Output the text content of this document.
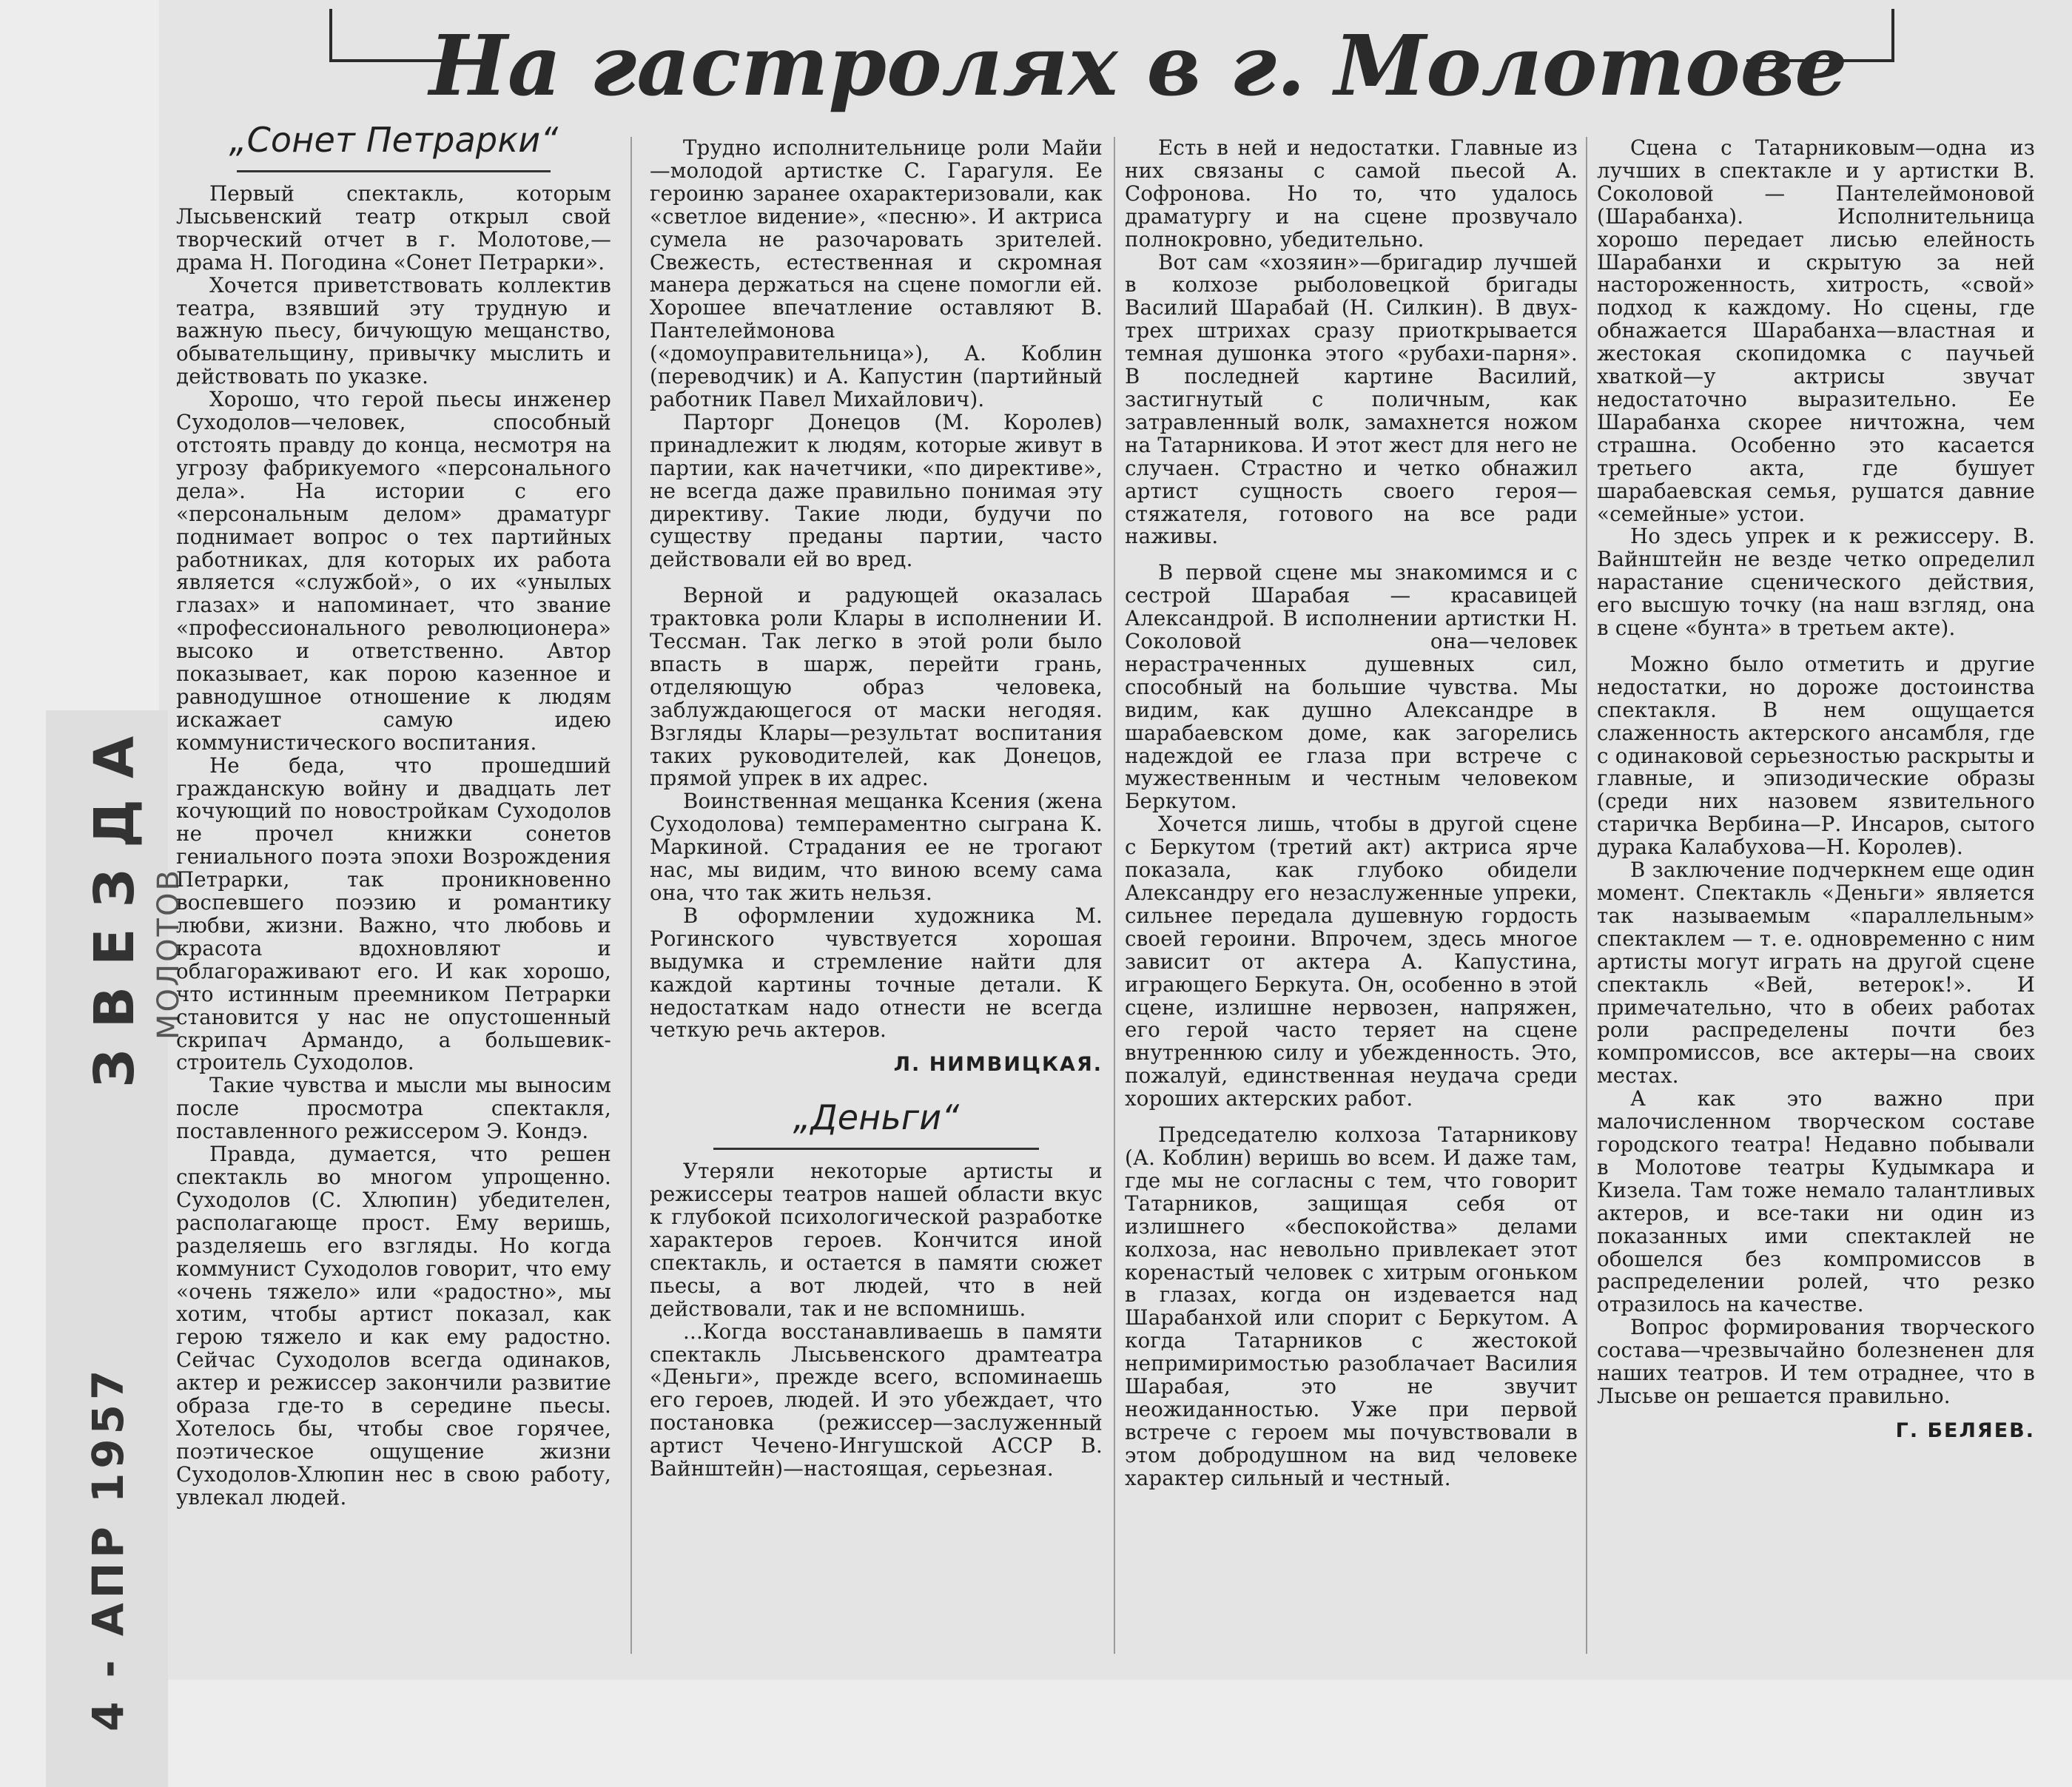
ЗВЕЗДА МОЛОТОВ
4 - АПР 1957
На гастролях в г. Молотове
„Сонет Петрарки“

Первый спектакль, которым Лысьвенский театр открыл свой творческий отчет в г. Молотове,— драма Н. Погодина «Сонет Петрарки».

Хочется приветствовать коллектив театра, взявший эту трудную и важную пьесу, бичующую мещанство, обывательщину, привычку мыслить и действовать по указке.

Хорошо, что герой пьесы инженер Суходолов—человек, способный отстоять правду до конца, несмотря на угрозу фабрикуемого «персонального дела». На истории с его «персональным делом» драматург поднимает вопрос о тех партийных работниках, для которых их работа является «службой», о их «унылых глазах» и напоминает, что звание «профессионального революционера» высоко и ответственно. Автор показывает, как порою казенное и равнодушное отношение к людям искажает самую идею коммунистического воспитания.

Не беда, что прошедший гражданскую войну и двадцать лет кочующий по новостройкам Суходолов не прочел книжки сонетов гениального поэта эпохи Возрождения Петрарки, так проникновенно воспевшего поэзию и романтику любви, жизни. Важно, что любовь и красота вдохновляют и облагораживают его. И как хорошо, что истинным преемником Петрарки становится у нас не опустошенный скрипач Армандо, а большевик-строитель Суходолов.

Такие чувства и мысли мы выносим после просмотра спектакля, поставленного режиссером Э. Кондэ.

Правда, думается, что решен спектакль во многом упрощенно. Суходолов (С. Хлюпин) убедителен, располагающе прост. Ему веришь, разделяешь его взгляды. Но когда коммунист Суходолов говорит, что ему «очень тяжело» или «радостно», мы хотим, чтобы артист показал, как герою тяжело и как ему радостно. Сейчас Суходолов всегда одинаков, актер и режиссер закончили развитие образа где-то в середине пьесы. Хотелось бы, чтобы свое горячее, поэтическое ощущение жизни Суходолов-Хлюпин нес в свою работу, увлекал людей.

Трудно исполнительнице роли Майи—молодой артистке С. Гарагуля. Ее героиню заранее охарактеризовали, как «светлое видение», «песню». И актриса сумела не разочаровать зрителей. Свежесть, естественная и скромная манера держаться на сцене помогли ей. Хорошее впечатление оставляют В. Пантелеймонова («домоуправительница»), А. Коблин (переводчик) и А. Капустин (партийный работник Павел Михайлович).

Парторг Донецов (М. Королев) принадлежит к людям, которые живут в партии, как начетчики, «по директиве», не всегда даже правильно понимая эту директиву. Такие люди, будучи по существу преданы партии, часто действовали ей во вред.

Верной и радующей оказалась трактовка роли Клары в исполнении И. Тессман. Так легко в этой роли было впасть в шарж, перейти грань, отделяющую образ человека, заблуждающегося от маски негодяя. Взгляды Клары—результат воспитания таких руководителей, как Донецов, прямой упрек в их адрес.

Воинственная мещанка Ксения (жена Суходолова) темпераментно сыграна К. Маркиной. Страдания ее не трогают нас, мы видим, что виною всему сама она, что так жить нельзя.

В оформлении художника М. Рогинского чувствуется хорошая выдумка и стремление найти для каждой картины точные детали. К недостаткам надо отнести не всегда четкую речь актеров.

Л. НИМВИЦКАЯ.
„Деньги“

Утеряли некоторые артисты и режиссеры театров нашей области вкус к глубокой психологической разработке характеров героев. Кончится иной спектакль, и остается в памяти сюжет пьесы, а вот людей, что в ней действовали, так и не вспомнишь.

...Когда восстанавливаешь в памяти спектакль Лысьвенского драмтеатра «Деньги», прежде всего, вспоминаешь его героев, людей. И это убеждает, что постановка (режиссер—заслуженный артист Чечено-Ингушской АССР В. Вайнштейн)—настоящая, серьезная.

Есть в ней и недостатки. Главные из них связаны с самой пьесой А. Софронова. Но то, что удалось драматургу и на сцене прозвучало полнокровно, убедительно.

Вот сам «хозяин»—бригадир лучшей в колхозе рыболовецкой бригады Василий Шарабай (Н. Силкин). В двух-трех штрихах сразу приоткрывается темная душонка этого «рубахи-парня». В последней картине Василий, застигнутый с поличным, как затравленный волк, замахнется ножом на Татарникова. И этот жест для него не случаен. Страстно и четко обнажил артист сущность своего героя—стяжателя, готового на все ради наживы.

В первой сцене мы знакомимся и с сестрой Шарабая — красавицей Александрой. В исполнении артистки Н. Соколовой она—человек нерастраченных душевных сил, способный на большие чувства. Мы видим, как душно Александре в шарабаевском доме, как загорелись надеждой ее глаза при встрече с мужественным и честным человеком Беркутом.

Хочется лишь, чтобы в другой сцене с Беркутом (третий акт) актриса ярче показала, как глубоко обидели Александру его незаслуженные упреки, сильнее передала душевную гордость своей героини. Впрочем, здесь многое зависит от актера А. Капустина, играющего Беркута. Он, особенно в этой сцене, излишне нервозен, напряжен, его герой часто теряет на сцене внутреннюю силу и убежденность. Это, пожалуй, единственная неудача среди хороших актерских работ.

Председателю колхоза Татарникову (А. Коблин) веришь во всем. И даже там, где мы не согласны с тем, что говорит Татарников, защищая себя от излишнего «беспокойства» делами колхоза, нас невольно привлекает этот коренастый человек с хитрым огоньком в глазах, когда он издевается над Шарабанхой или спорит с Беркутом. А когда Татарников с жестокой непримиримостью разоблачает Василия Шарабая, это не звучит неожиданностью. Уже при первой встрече с героем мы почувствовали в этом добродушном на вид человеке характер сильный и честный.

Сцена с Татарниковым—одна из лучших в спектакле и у артистки В. Соколовой — Пантелеймоновой (Шарабанха). Исполнительница хорошо передает лисью елейность Шарабанхи и скрытую за ней настороженность, хитрость, «свой» подход к каждому. Но сцены, где обнажается Шарабанха—властная и жестокая скопидомка с паучьей хваткой—у актрисы звучат недостаточно выразительно. Ее Шарабанха скорее ничтожна, чем страшна. Особенно это касается третьего акта, где бушует шарабаевская семья, рушатся давние «семейные» устои.

Но здесь упрек и к режиссеру. В. Вайнштейн не везде четко определил нарастание сценического действия, его высшую точку (на наш взгляд, она в сцене «бунта» в третьем акте).

Можно было отметить и другие недостатки, но дороже достоинства спектакля. В нем ощущается слаженность актерского ансамбля, где с одинаковой серьезностью раскрыты и главные, и эпизодические образы (среди них назовем язвительного старичка Вербина—Р. Инсаров, сытого дурака Калабухова—Н. Королев).

В заключение подчеркнем еще один момент. Спектакль «Деньги» является так называемым «параллельным» спектаклем — т. е. одновременно с ним артисты могут играть на другой сцене спектакль «Вей, ветерок!». И примечательно, что в обеих работах роли распределены почти без компромиссов, все актеры—на своих местах.

А как это важно при малочисленном творческом составе городского театра! Недавно побывали в Молотове театры Кудымкара и Кизела. Там тоже немало талантливых актеров, и все-таки ни один из показанных ими спектаклей не обошелся без компромиссов в распределении ролей, что резко отразилось на качестве.

Вопрос формирования творческого состава—чрезвычайно болезненен для наших театров. И тем отраднее, что в Лысьве он решается правильно.

Г. БЕЛЯЕВ.
